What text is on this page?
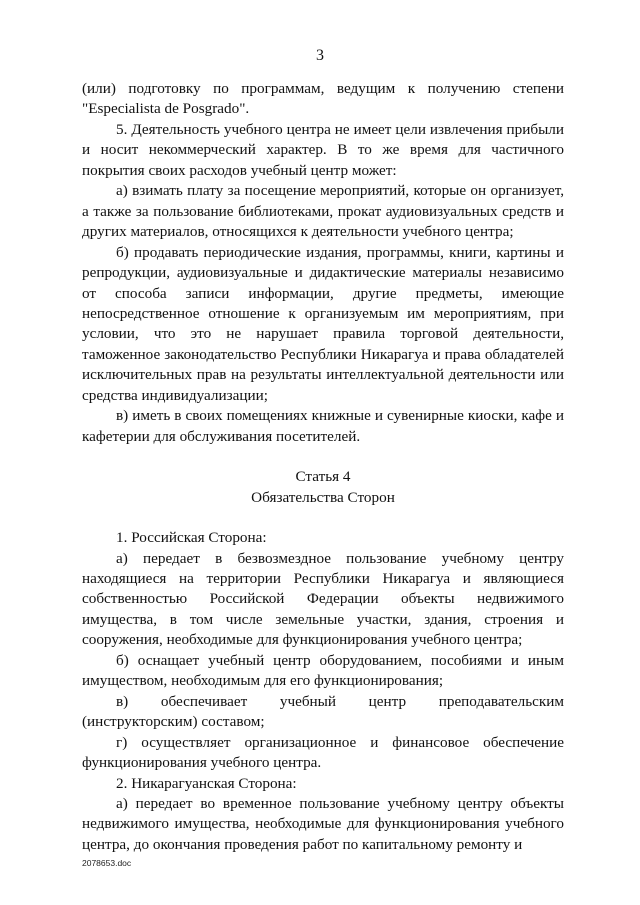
3

(или) подготовку по программам, ведущим к получению степени "Especialista de Posgrado".

5. Деятельность учебного центра не имеет цели извлечения прибыли и носит некоммерческий характер. В то же время для частичного покрытия своих расходов учебный центр может:

а) взимать плату за посещение мероприятий, которые он организует, а также за пользование библиотеками, прокат аудиовизуальных средств и других материалов, относящихся к деятельности учебного центра;

б) продавать периодические издания, программы, книги, картины и репродукции, аудиовизуальные и дидактические материалы независимо от способа записи информации, другие предметы, имеющие непосредственное отношение к организуемым им мероприятиям, при условии, что это не нарушает правила торговой деятельности, таможенное законодательство Республики Никарагуа и права обладателей исключительных прав на результаты интеллектуальной деятельности или средства индивидуализации;

в) иметь в своих помещениях книжные и сувенирные киоски, кафе и кафетерии для обслуживания посетителей.

Статья 4

Обязательства Сторон

1. Российская Сторона:

а) передает в безвозмездное пользование учебному центру находящиеся на территории Республики Никарагуа и являющиеся собственностью Российской Федерации объекты недвижимого имущества, в том числе земельные участки, здания, строения и сооружения, необходимые для функционирования учебного центра;

б) оснащает учебный центр оборудованием, пособиями и иным имуществом, необходимым для его функционирования;

в) обеспечивает учебный центр преподавательским (инструкторским) составом;

г) осуществляет организационное и финансовое обеспечение функционирования учебного центра.

2. Никарагуанская Сторона:

а) передает во временное пользование учебному центру объекты недвижимого имущества, необходимые для функционирования учебного центра, до окончания проведения работ по капитальному ремонту и

2078653.doc
